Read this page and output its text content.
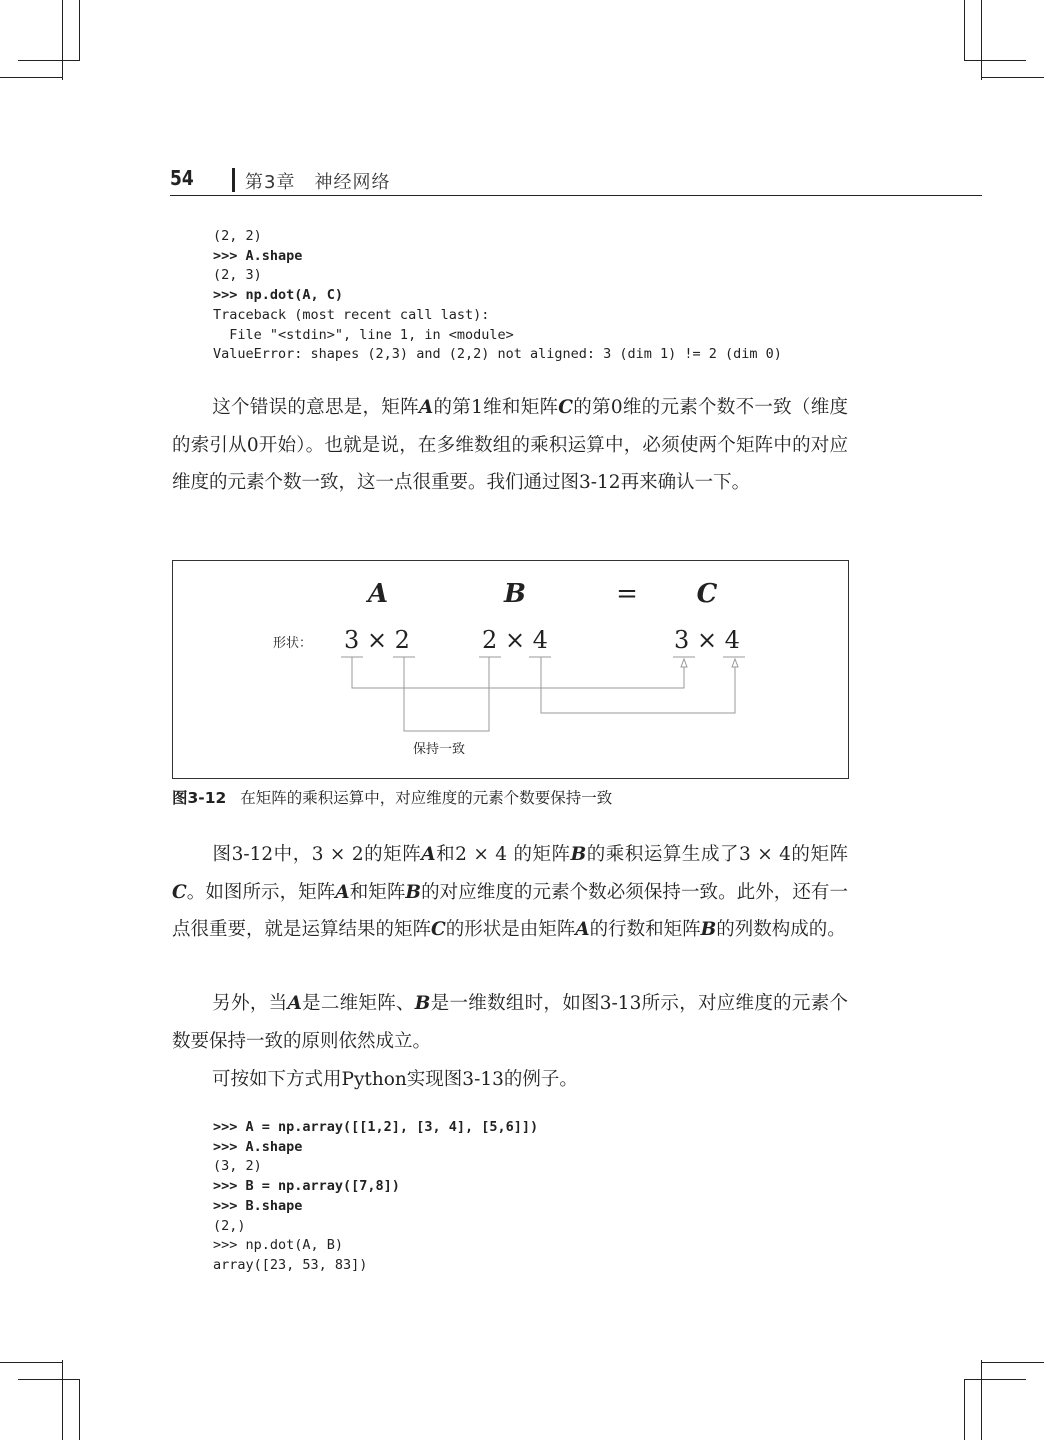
54	第3章　神经网络
(2, 2)
>>> A.shape
(2, 3)
>>> np.dot(A, C)
Traceback (most recent call last):
File "<stdin>", line 1, in <module>
ValueError: shapes (2,3) and (2,2) not aligned: 3 (dim 1) != 2 (dim 0)
这个错误的意思是，矩阵A的第1维和矩阵C的第0维的元素个数不一致（维度的索引从0开始）。也就是说，在多维数组的乘积运算中，必须使两个矩阵中的对应维度的元素个数一致，这一点很重要。我们通过图3-12再来确认一下。
A	B	= C
形状： 3 × 2	2 × 4	3 × 4
保持一致
图3-12 在矩阵的乘积运算中，对应维度的元素个数要保持一致
图3-12中，3 × 2的矩阵A和2 × 4 的矩阵B的乘积运算生成了3 × 4的矩阵C。如图所示，矩阵A和矩阵B的对应维度的元素个数必须保持一致。此外，还有一点很重要，就是运算结果的矩阵C的形状是由矩阵A的行数和矩阵B的列数构成的。
另外，当A是二维矩阵、B是一维数组时，如图3-13所示，对应维度的元素个数要保持一致的原则依然成立。
可按如下方式用Python实现图3-13的例子。
>>> A = np.array([[1,2], [3, 4], [5,6]])
>>> A.shape
(3, 2)
>>> B = np.array([7,8])
>>> B.shape
(2,)
>>> np.dot(A, B)
array([23, 53, 83])
